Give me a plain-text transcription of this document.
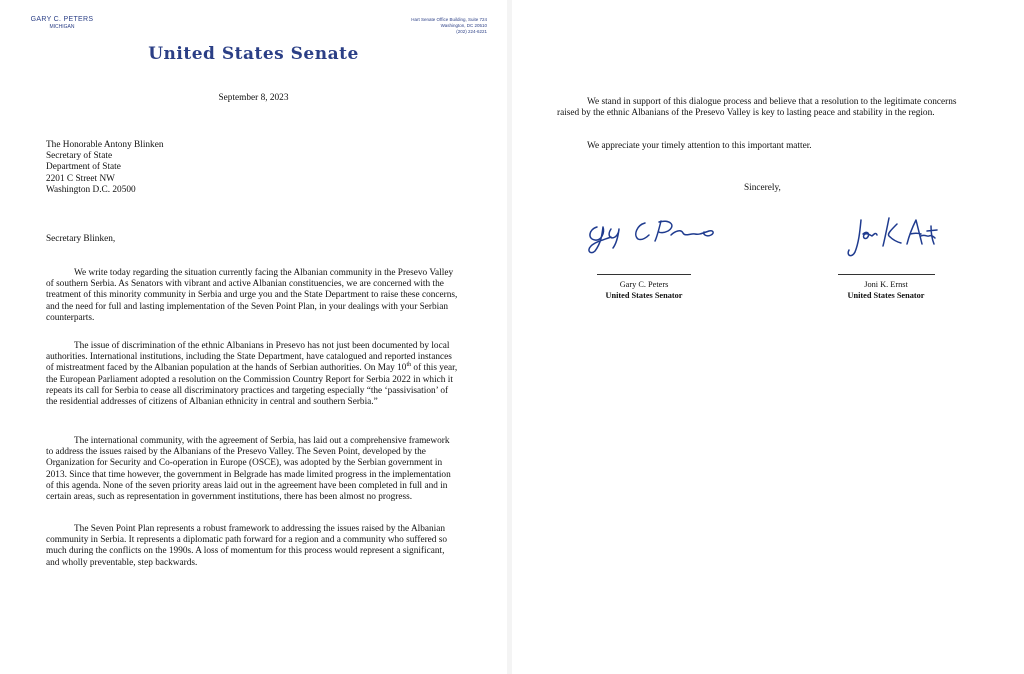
GARY C. PETERS
MICHIGAN
Hart Senate Office Building, Suite 724
Washington, DC 20510
(202) 224-6221
United States Senate
September 8, 2023
The Honorable Antony Blinken
Secretary of State
Department of State
2201 C Street NW
Washington D.C. 20500
Secretary Blinken,

We write today regarding the situation currently facing the Albanian community in the Presevo Valley of southern Serbia. As Senators with vibrant and active Albanian constituencies, we are concerned with the treatment of this minority community in Serbia and urge you and the State Department to raise these concerns, and the need for full and lasting implementation of the Seven Point Plan, in your dealings with your Serbian counterparts.

The issue of discrimination of the ethnic Albanians in Presevo has not just been documented by local authorities. International institutions, including the State Department, have catalogued and reported instances of mistreatment faced by the Albanian population at the hands of Serbian authorities. On May 10th of this year, the European Parliament adopted a resolution on the Commission Country Report for Serbia 2022 in which it repeats its call for Serbia to cease all discriminatory practices and targeting especially “the ‘passivisation’ of the residential addresses of citizens of Albanian ethnicity in central and southern Serbia.”

The international community, with the agreement of Serbia, has laid out a comprehensive framework to address the issues raised by the Albanians of the Presevo Valley. The Seven Point, developed by the Organization for Security and Co-operation in Europe (OSCE), was adopted by the Serbian government in 2013. Since that time however, the government in Belgrade has made limited progress in the implementation of this agenda. None of the seven priority areas laid out in the agreement have been completed in full and in certain areas, such as representation in government institutions, there has been almost no progress.

The Seven Point Plan represents a robust framework to addressing the issues raised by the Albanian community in Serbia. It represents a diplomatic path forward for a region and a community who suffered so much during the conflicts on the 1990s. A loss of momentum for this process would represent a significant, and wholly preventable, step backwards.

We stand in support of this dialogue process and believe that a resolution to the legitimate concerns raised by the ethnic Albanians of the Presevo Valley is key to lasting peace and stability in the region.

We appreciate your timely attention to this important matter.

Sincerely,
Gary C. Peters
United States Senator
Joni K. Ernst
United States Senator
